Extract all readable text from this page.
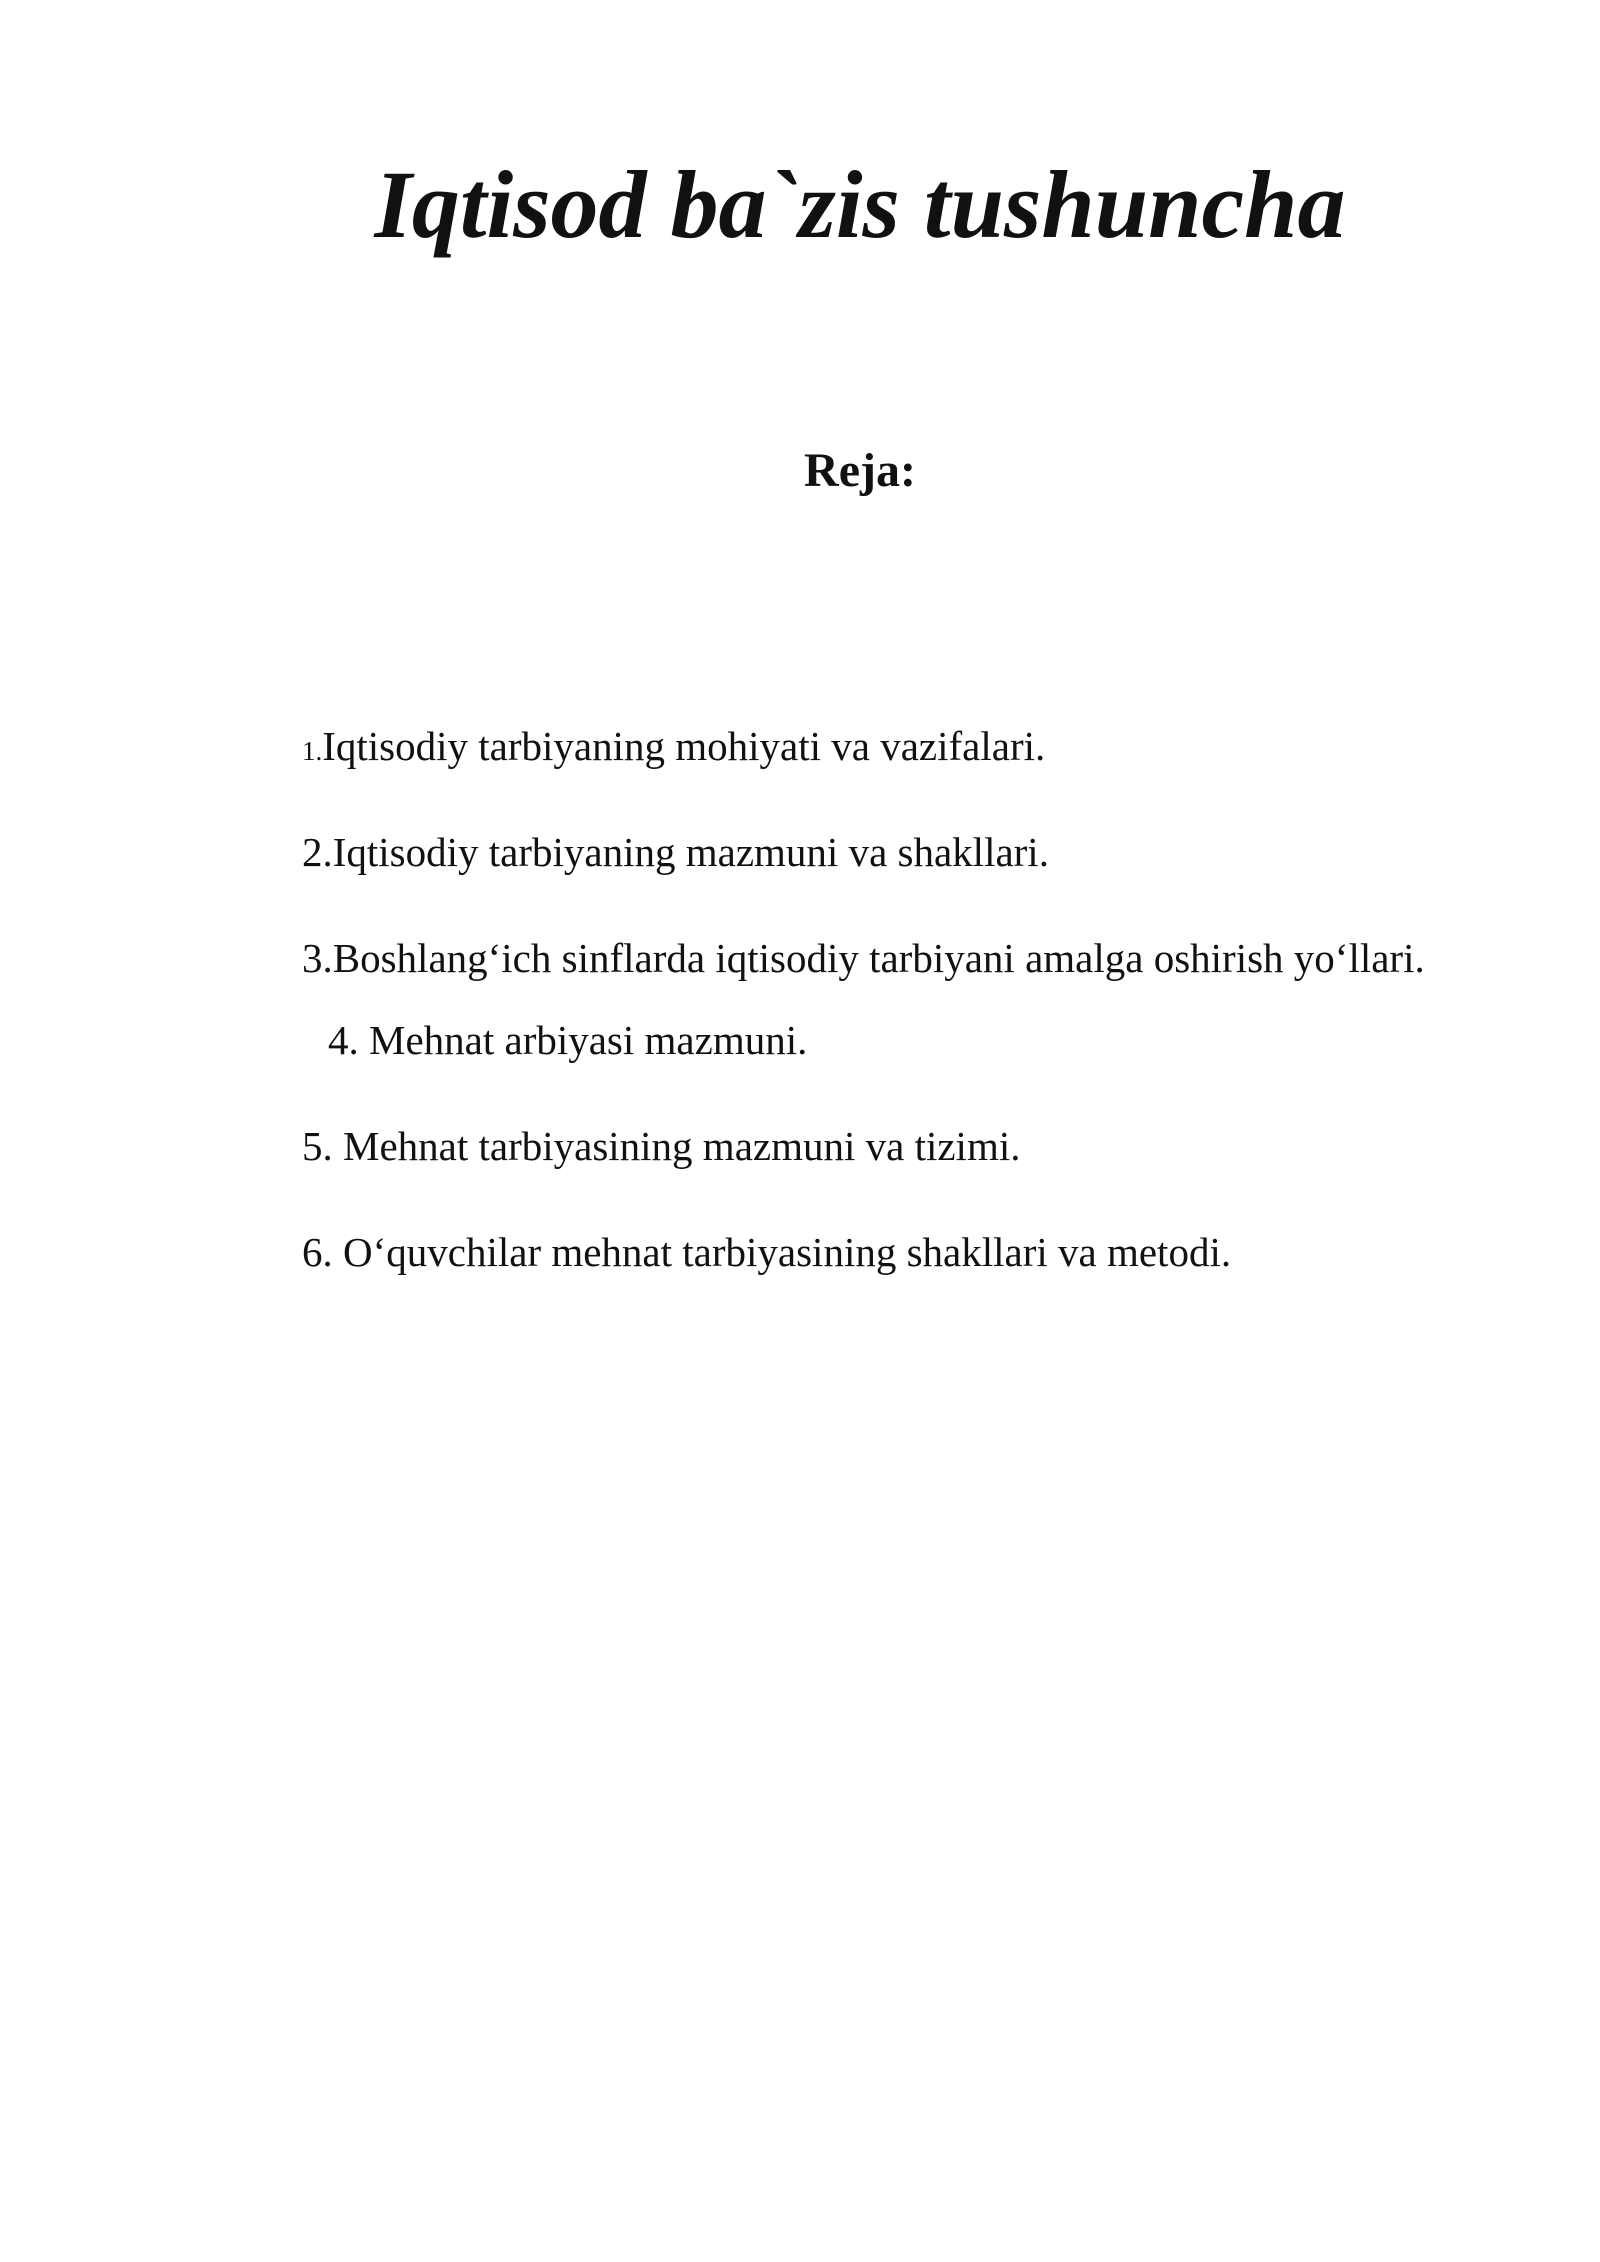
Iqtisod ba`zis tushuncha
Reja:
1.Iqtisodiy tarbiyaning mohiyati va vazifalari.
2.Iqtisodiy tarbiyaning mazmuni va shakllari.
3.Boshlang‘ich sinflarda iqtisodiy tarbiyani amalga oshirish yo‘llari.
4. Mehnat arbiyasi mazmuni.
5. Mehnat tarbiyasining mazmuni va tizimi.
6. O‘quvchilar mehnat tarbiyasining shakllari va metodi.
